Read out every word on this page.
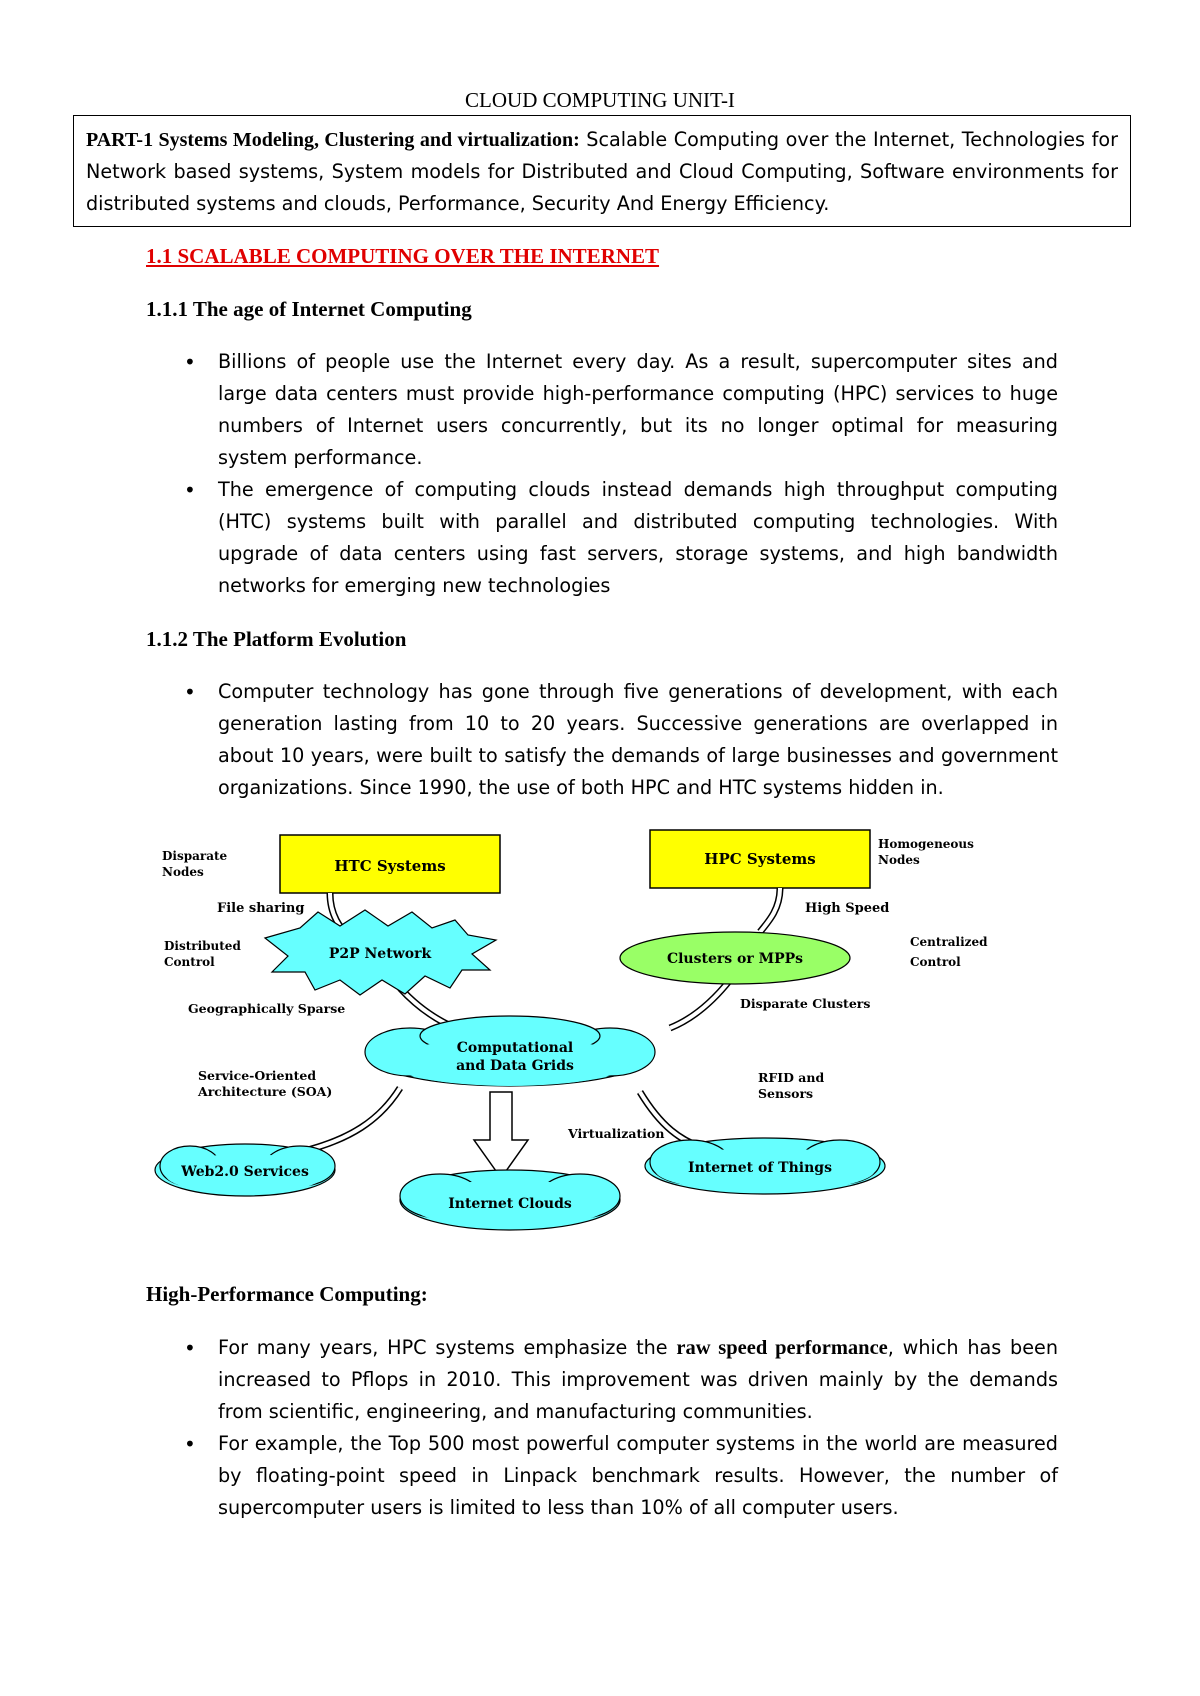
CLOUD COMPUTING UNIT-I
PART-1 Systems Modeling, Clustering and virtualization: Scalable Computing over the Internet, Technologies for Network based systems, System models for Distributed and Cloud Computing, Software environments for distributed systems and clouds, Performance, Security And Energy Efficiency.
1.1 SCALABLE COMPUTING OVER THE INTERNET
1.1.1 The age of Internet Computing
• Billions of people use the Internet every day. As a result, supercomputer sites and large data centers must provide high-performance computing (HPC) services to huge numbers of Internet users concurrently, but its no longer optimal for measuring system performance.
• The emergence of computing clouds instead demands high throughput computing (HTC) systems built with parallel and distributed computing technologies. With upgrade of data centers using fast servers, storage systems, and high bandwidth networks for emerging new technologies
1.1.2 The Platform Evolution
• Computer technology has gone through five generations of development, with each generation lasting from 10 to 20 years. Successive generations are overlapped in about 10 years, were built to satisfy the demands of large businesses and government organizations. Since 1990, the use of both HPC and HTC systems hidden in.
HTC Systems	HPC Systems
Disparate
Nodes
Homogeneous
Nodes
P2P Network	Clusters or MPPs
File sharing	High Speed
Distributed
Control
Centralized
Control
Geographically Sparse	Disparate Clusters
Computational
and Data Grids
Service-Oriented
Architecture (SOA)
RFID and
Sensors
Virtualization
Web2.0 Services
Internet Clouds
Internet of Things
High-Performance Computing:
• For many years, HPC systems emphasize the raw speed performance, which has been increased to Pflops in 2010. This improvement was driven mainly by the demands from scientific, engineering, and manufacturing communities.
• For example, the Top 500 most powerful computer systems in the world are measured by floating-point speed in Linpack benchmark results. However, the number of supercomputer users is limited to less than 10% of all computer users.
